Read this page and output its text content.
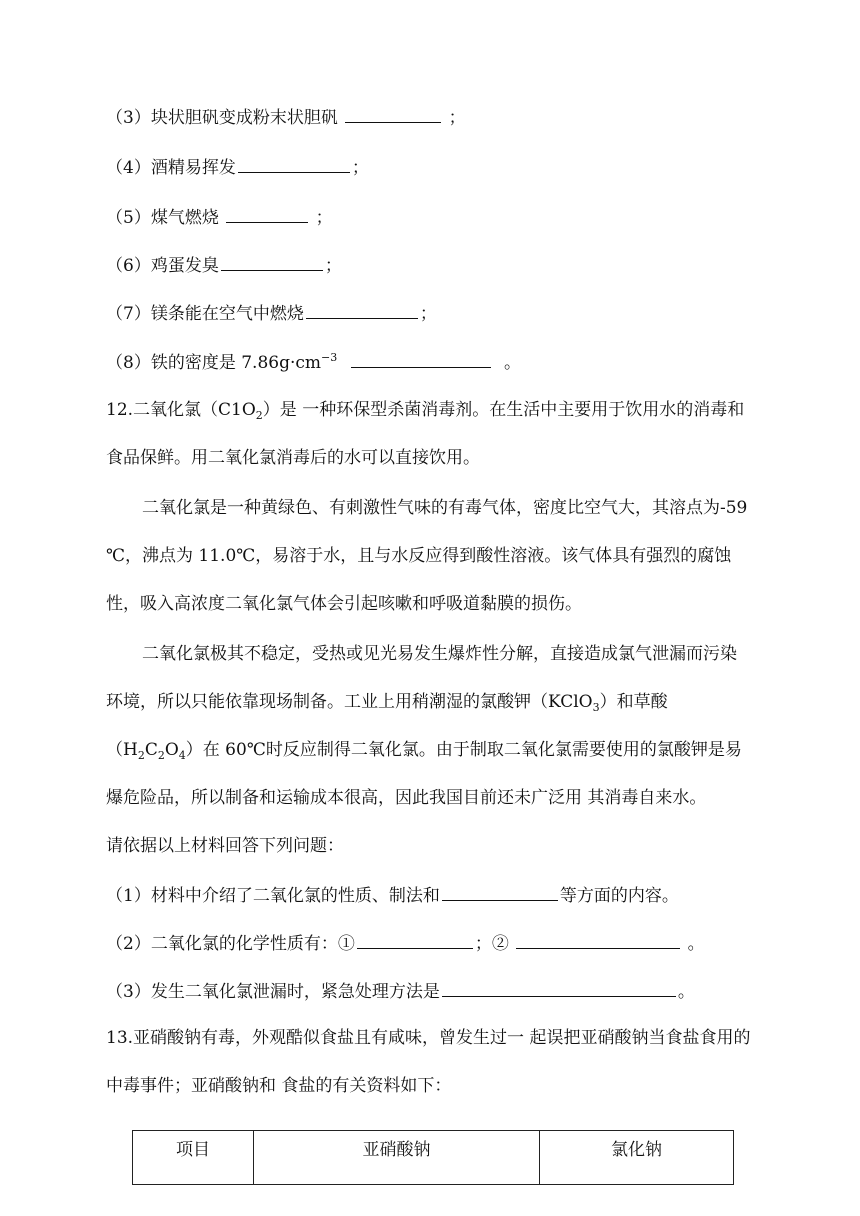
（3）块状胆矾变成粉末状胆矾	；
（4）酒精易挥发	；
（5）煤气燃烧	；
（6）鸡蛋发臭	；
（7）镁条能在空气中燃烧	；
（8）铁的密度是 $7.86g\cdot cm^{-3}$	。
12.二氧化氯$(C1O_2)$是 一种环保型杀菌消毒剂。在生活中主要用于饮用水的消毒和
食品保鲜。用二氧化氯消毒后的水可以直接饮用。
二氧化氯是一种黄绿色、有刺激性气味的有毒气体，密度比空气大，其溶点为-59
℃，沸点为 11.0℃，易溶于水，且与水反应得到酸性溶液。该气体具有强烈的腐蚀
性，吸入高浓度二氧化氯气体会引起咳嗽和呼吸道黏膜的损伤。
二氧化氯极其不稳定，受热或见光易发生爆炸性分解，直接造成氯气泄漏而污染
环境，所以只能依靠现场制备。工业上用稍潮湿的氯酸钾（KClO$_3$）和草酸
$(H_2C_2O_4)$在 60℃时反应制得二氧化氯。由于制取二氧化氯需要使用的氯酸钾是易
爆危险品，所以制备和运输成本很高，因此我国目前还未广泛用 其消毒自来水。
请依据以上材料回答下列问题：
（1）材料中介绍了二氧化氯的性质、制法和	等方面的内容。
（2）二氧化氯的化学性质有：①	；②	。
（3）发生二氧化氯泄漏时，紧急处理方法是	。
13.亚硝酸钠有毒，外观酷似食盐且有咸味，曾发生过一 起误把亚硝酸钠当食盐食用的
中毒事件；亚硝酸钠和 食盐的有关资料如下：
项目	亚硝酸钠	氯化钠
